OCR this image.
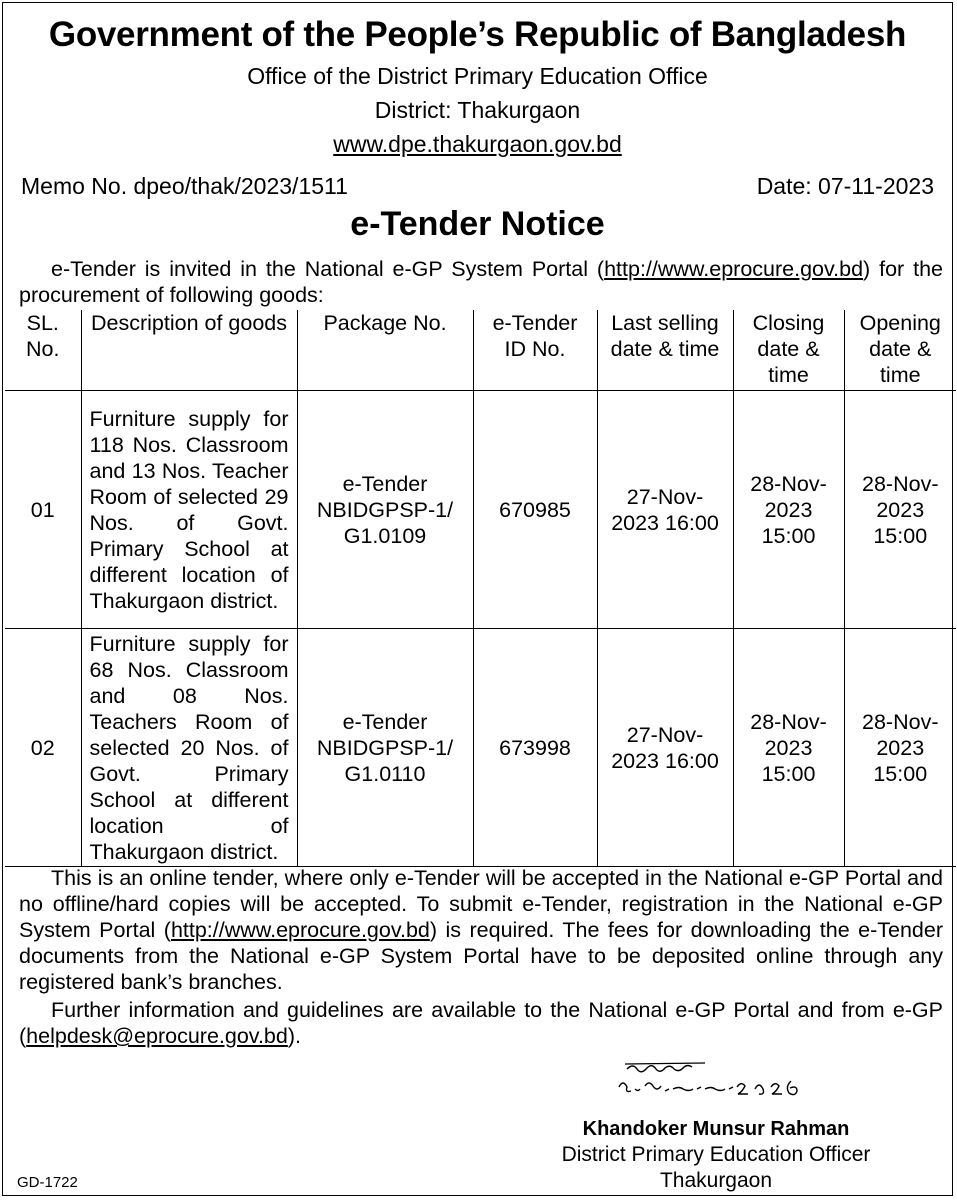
Government of the People’s Republic of Bangladesh
Office of the District Primary Education Office
District: Thakurgaon
www.dpe.thakurgaon.gov.bd
Memo No. dpeo/thak/2023/1511	Date: 07-11-2023
e-Tender Notice
e-Tender is invited in the National e-GP System Portal (http://www.eprocure.gov.bd) for the procurement of following goods:
SL. No.	Description of goods	Package No.	e-Tender ID No.	Last selling date & time	Closing date & time	Opening date & time
01	Furniture supply for 118 Nos. Classroom and 13 Nos. Teacher Room of selected 29 Nos. of Govt. Primary School at different location of Thakurgaon district.	e-Tender NBIDGPSP-1/ G1.0109	670985	27-Nov-2023 16:00	28-Nov-2023 15:00	28-Nov-2023 15:00
02	Furniture supply for 68 Nos. Classroom and 08 Nos. Teachers Room of selected 20 Nos. of Govt. Primary School at different location of Thakurgaon district.	e-Tender NBIDGPSP-1/ G1.0110	673998	27-Nov-2023 16:00	28-Nov-2023 15:00	28-Nov-2023 15:00
This is an online tender, where only e-Tender will be accepted in the National e-GP Portal and no offline/hard copies will be accepted. To submit e-Tender, registration in the National e-GP System Portal (http://www.eprocure.gov.bd) is required. The fees for downloading the e-Tender documents from the National e-GP System Portal have to be deposited online through any registered bank’s branches.
Further information and guidelines are available to the National e-GP Portal and from e-GP (helpdesk@eprocure.gov.bd).
Khandoker Munsur Rahman
District Primary Education Officer
Thakurgaon
GD-1722
